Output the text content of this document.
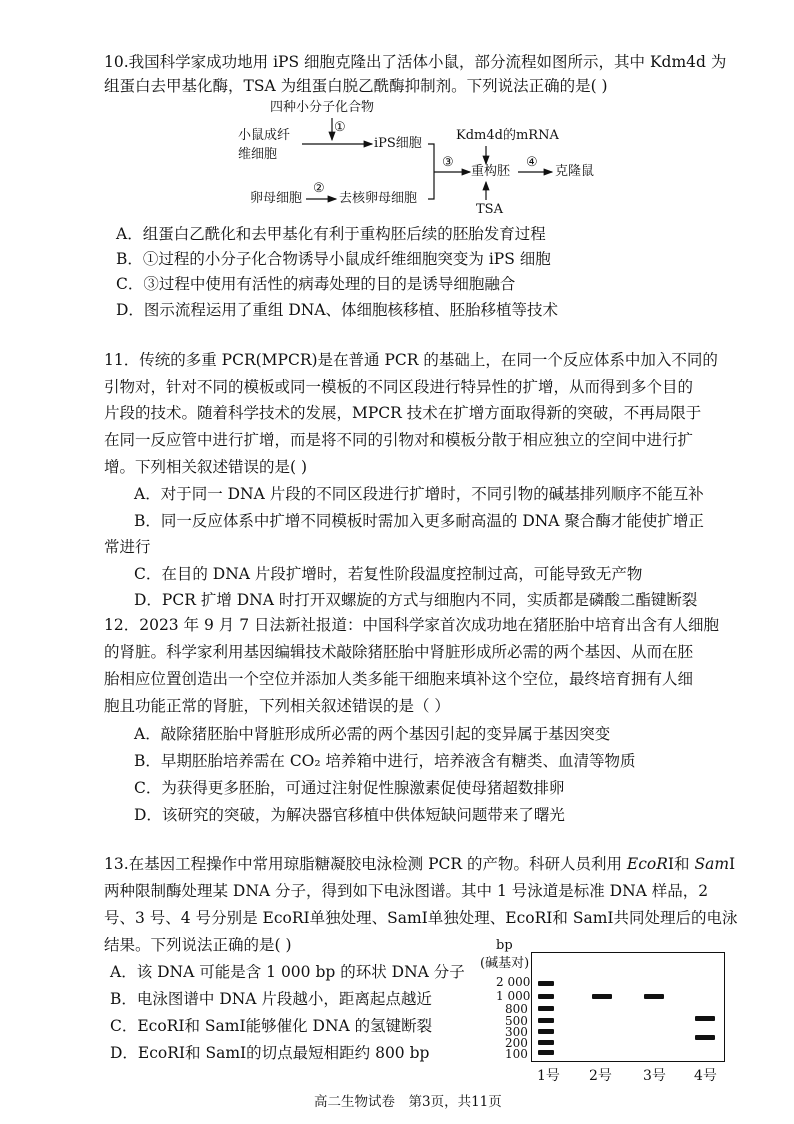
10.我国科学家成功地用 iPS 细胞克隆出了活体小鼠，部分流程如图所示，其中 Kdm4d 为
组蛋白去甲基化酶，TSA 为组蛋白脱乙酰酶抑制剂。下列说法正确的是( )
四种小分子化合物
①
小鼠成纤
维细胞
iPS细胞
Kdm4d的mRNA
③
重构胚
④
克隆鼠
卵母细胞
②
去核卵母细胞
TSA
A．组蛋白乙酰化和去甲基化有利于重构胚后续的胚胎发育过程
B．①过程的小分子化合物诱导小鼠成纤维细胞突变为 iPS 细胞
C．③过程中使用有活性的病毒处理的目的是诱导细胞融合
D．图示流程运用了重组 DNA、体细胞核移植、胚胎移植等技术
11．传统的多重 PCR(MPCR)是在普通 PCR 的基础上，在同一个反应体系中加入不同的
引物对，针对不同的模板或同一模板的不同区段进行特异性的扩增，从而得到多个目的
片段的技术。随着科学技术的发展，MPCR 技术在扩增方面取得新的突破，不再局限于
在同一反应管中进行扩增，而是将不同的引物对和模板分散于相应独立的空间中进行扩
增。下列相关叙述错误的是( )
A．对于同一 DNA 片段的不同区段进行扩增时，不同引物的碱基排列顺序不能互补
B．同一反应体系中扩增不同模板时需加入更多耐高温的 DNA 聚合酶才能使扩增正
常进行
C．在目的 DNA 片段扩增时，若复性阶段温度控制过高，可能导致无产物
D．PCR 扩增 DNA 时打开双螺旋的方式与细胞内不同，实质都是磷酸二酯键断裂
12．2023 年 9 月 7 日法新社报道：中国科学家首次成功地在猪胚胎中培育出含有人细胞
的肾脏。科学家利用基因编辑技术敲除猪胚胎中肾脏形成所必需的两个基因、从而在胚
胎相应位置创造出一个空位并添加人类多能干细胞来填补这个空位，最终培育拥有人细
胞且功能正常的肾脏，下列相关叙述错误的是（ ）
A．敲除猪胚胎中肾脏形成所必需的两个基因引起的变异属于基因突变
B．早期胚胎培养需在 CO₂ 培养箱中进行，培养液含有糖类、血清等物质
C．为获得更多胚胎，可通过注射促性腺激素促使母猪超数排卵
D．该研究的突破，为解决器官移植中供体短缺问题带来了曙光
13.在基因工程操作中常用琼脂糖凝胶电泳检测 PCR 的产物。科研人员利用 EcoRⅠ和 SamⅠ
两种限制酶处理某 DNA 分子，得到如下电泳图谱。其中 1 号泳道是标准 DNA 样品，2
号、3 号、4 号分别是 EcoRⅠ单独处理、SamⅠ单独处理、EcoRⅠ和 SamⅠ共同处理后的电泳
结果。下列说法正确的是( )
A．该 DNA 可能是含 1 000 bp 的环状 DNA 分子
B．电泳图谱中 DNA 片段越小，距离起点越近
C．EcoRⅠ和 SamⅠ能够催化 DNA 的氢键断裂
D．EcoRⅠ和 SamⅠ的切点最短相距约 800 bp
bp
(碱基对)
2 000
1 000
800
500
300
200
100
1号 2号 3号 4号
高二生物试卷　第3页，共11页
